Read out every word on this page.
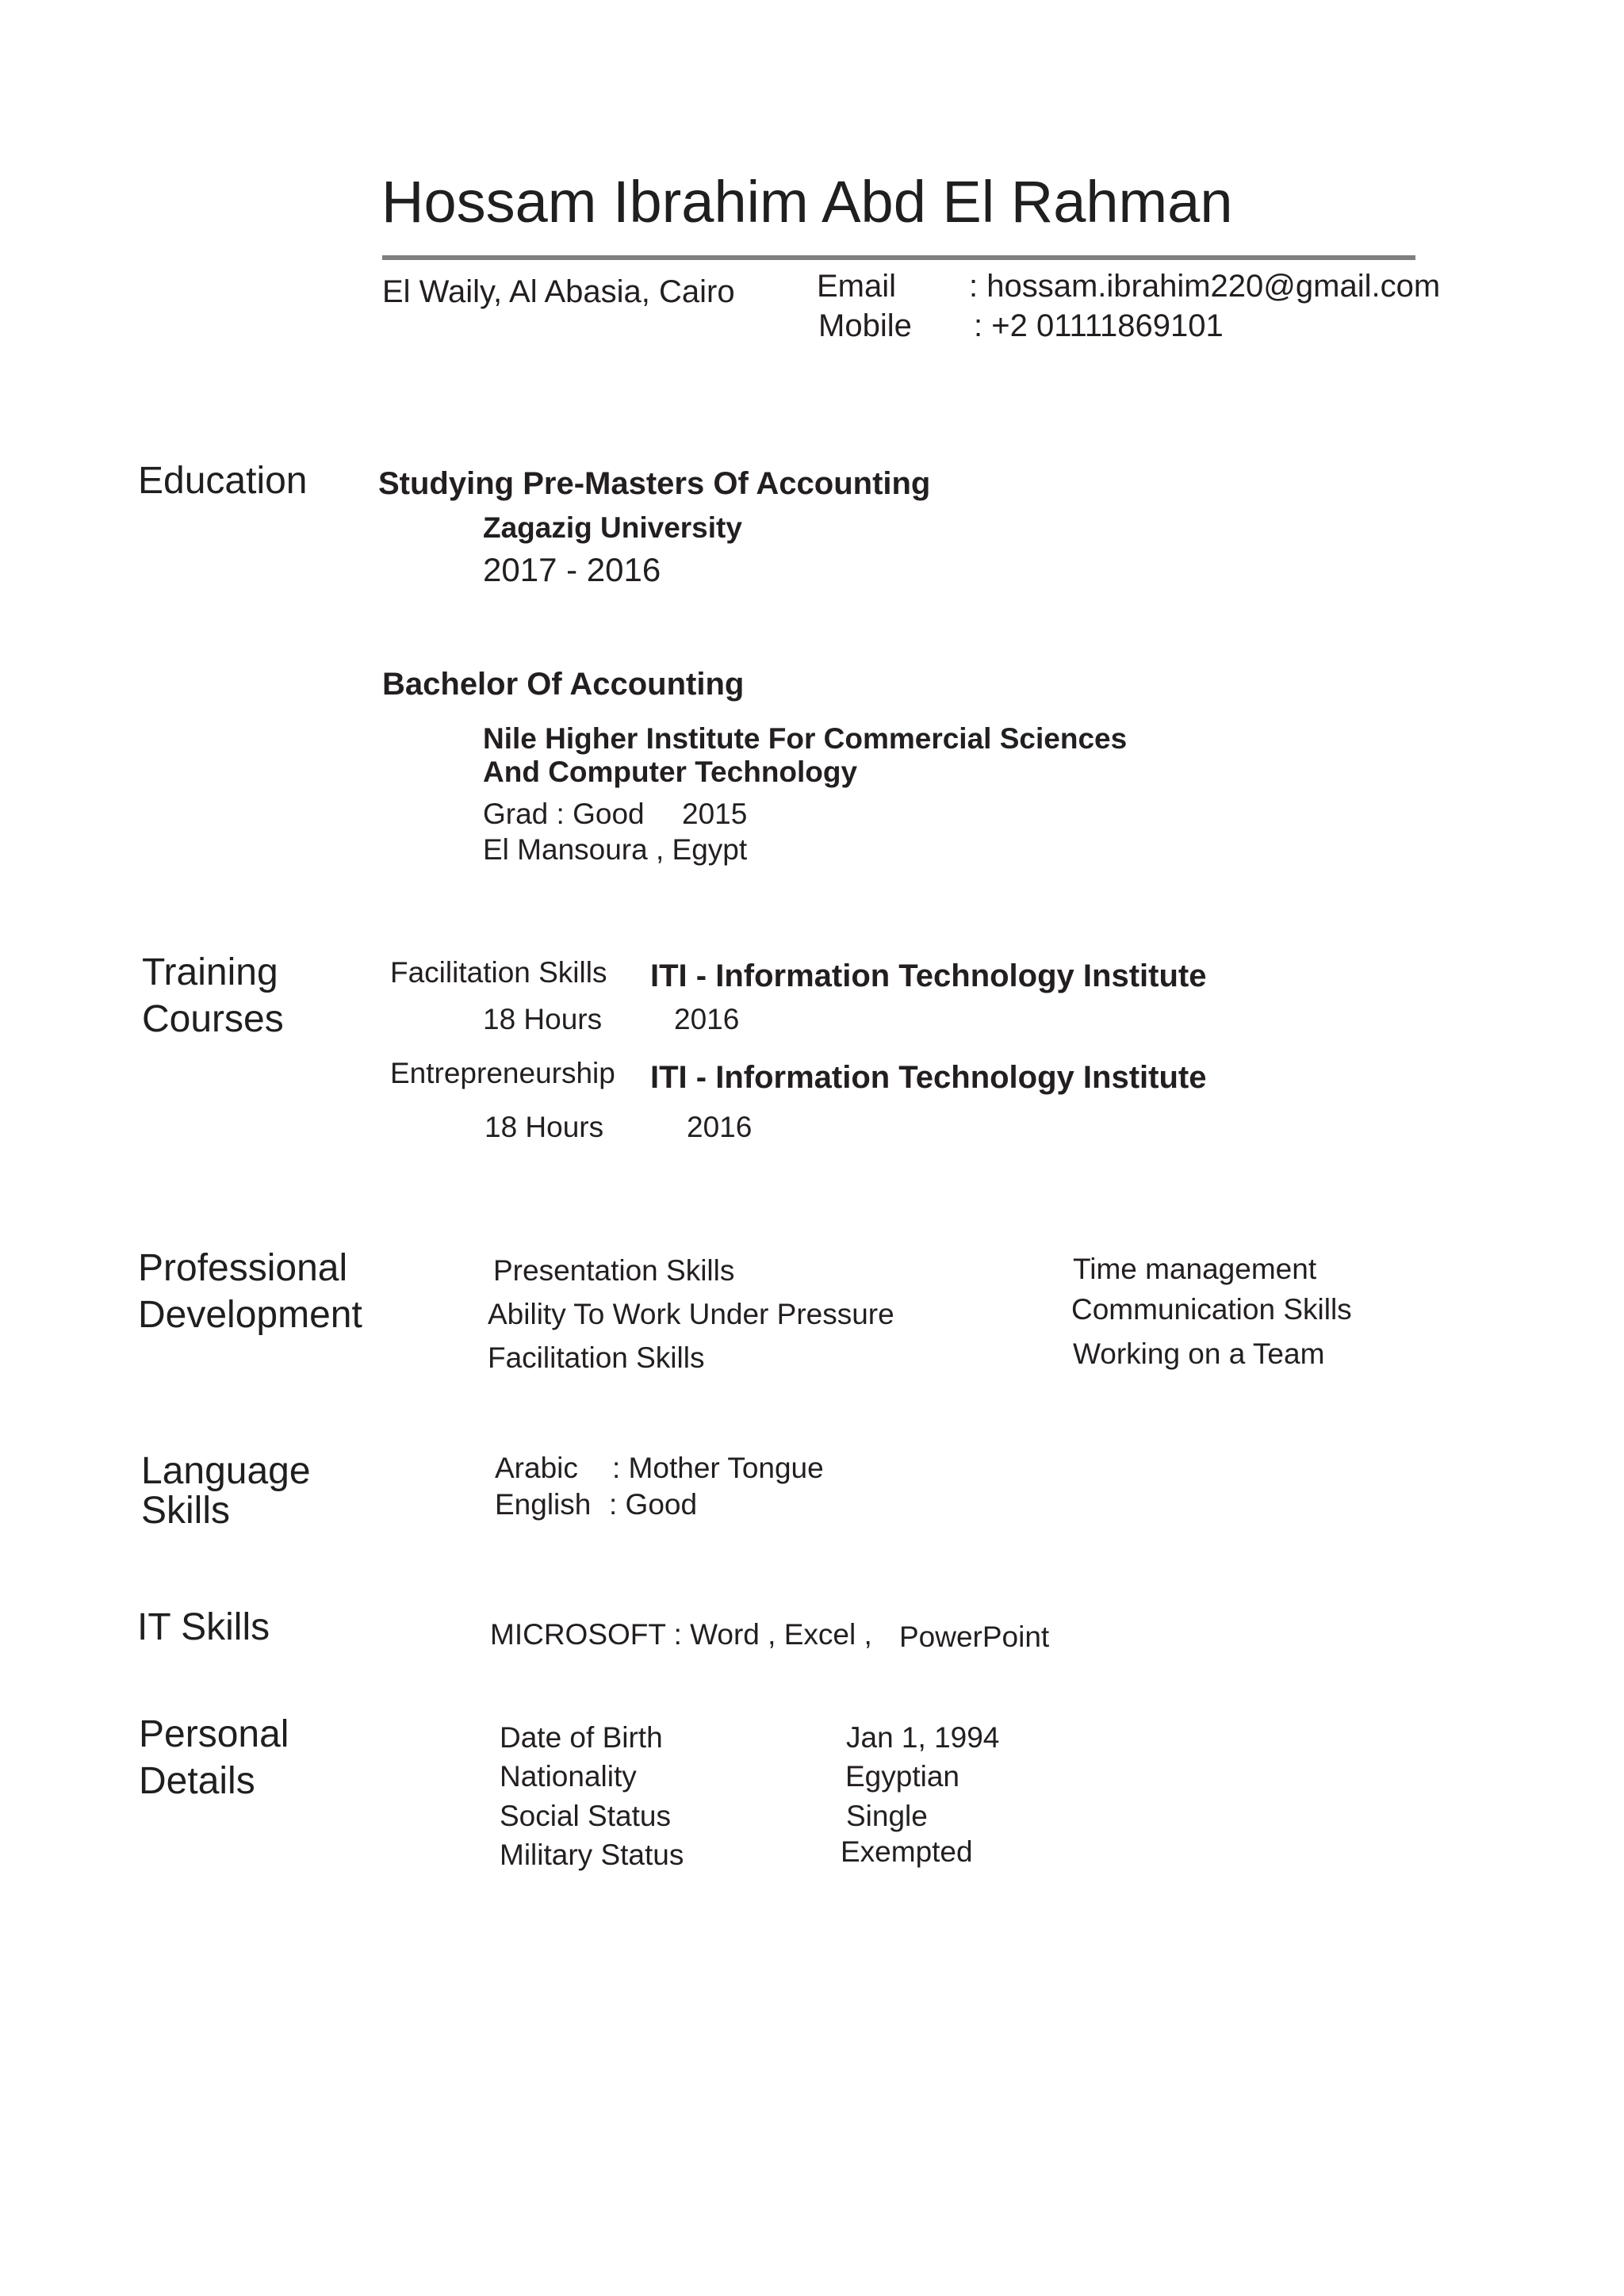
Hossam Ibrahim Abd El Rahman
El Waily, Al Abasia, Cairo	Email : hossam.ibrahim220@gmail.com
Mobile : +2 01111869101
Education Studying Pre-Masters Of Accounting
Zagazig University
2017 - 2016
Bachelor Of Accounting
Nile Higher Institute For Commercial Sciences
And Computer Technology
Grad : Good 2015
El Mansoura , Egypt
Training
Courses
Facilitation Skills ITI - Information Technology Institute
18 Hours 2016
Entrepreneurship ITI - Information Technology Institute
18 Hours	2016
Professional
Development
Presentation Skills
Ability To Work Under Pressure
Facilitation Skills
Time management
Communication Skills
Working on a Team
Language
Skills
Arabic : Mother Tongue
English : Good
IT Skills	MICROSOFT : Word , Excel , PowerPoint
Personal
Details
Date of Birth	Jan 1, 1994
Nationality	Egyptian
Social Status	Single
Military Status	Exempted
